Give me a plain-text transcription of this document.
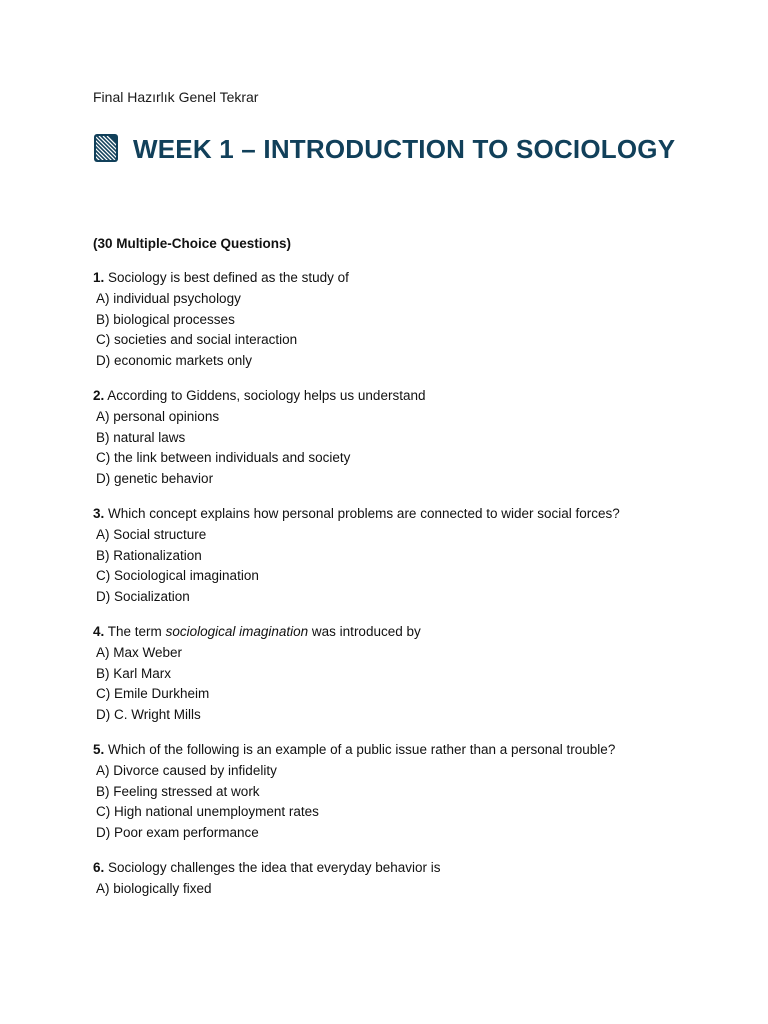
Final Hazırlık Genel Tekrar
WEEK 1 – INTRODUCTION TO SOCIOLOGY
(30 Multiple-Choice Questions)
1. Sociology is best defined as the study of
A) individual psychology
B) biological processes
C) societies and social interaction
D) economic markets only
2. According to Giddens, sociology helps us understand
A) personal opinions
B) natural laws
C) the link between individuals and society
D) genetic behavior
3. Which concept explains how personal problems are connected to wider social forces?
A) Social structure
B) Rationalization
C) Sociological imagination
D) Socialization
4. The term sociological imagination was introduced by
A) Max Weber
B) Karl Marx
C) Emile Durkheim
D) C. Wright Mills
5. Which of the following is an example of a public issue rather than a personal trouble?
A) Divorce caused by infidelity
B) Feeling stressed at work
C) High national unemployment rates
D) Poor exam performance
6. Sociology challenges the idea that everyday behavior is
A) biologically fixed
